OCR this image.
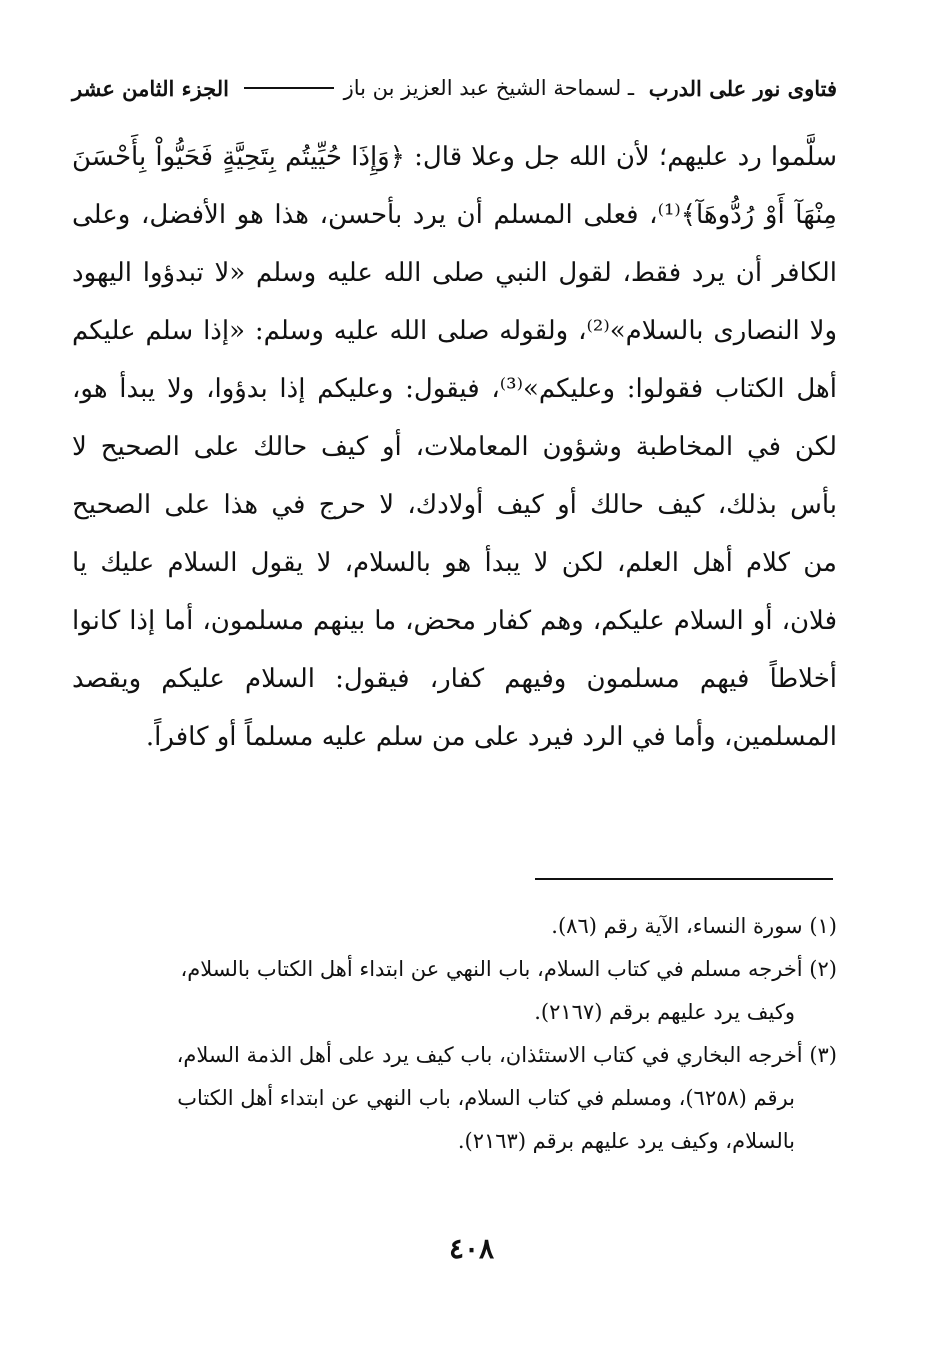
فتاوى نور على الدرب
ـ لسماحة الشيخ عبد العزيز بن باز
الجزء الثامن عشر
سلَّموا رد عليهم؛ لأن الله جل وعلا قال: ﴿وَإِذَا حُيِّيتُم بِتَحِيَّةٍ فَحَيُّواْ بِأَحْسَنَ
مِنْهَآ أَوْ رُدُّوهَآ﴾⁽¹⁾، فعلى المسلم أن يرد بأحسن، هذا هو الأفضل، وعلى
الكافر أن يرد فقط، لقول النبي صلى الله عليه وسلم «لا تبدؤوا اليهود
ولا النصارى بالسلام»⁽²⁾، ولقوله صلى الله عليه وسلم: «إذا سلم عليكم
أهل الكتاب فقولوا: وعليكم»⁽³⁾، فيقول: وعليكم إذا بدؤوا، ولا يبدأ هو،
لكن في المخاطبة وشؤون المعاملات، أو كيف حالك على الصحيح لا
بأس بذلك، كيف حالك أو كيف أولادك، لا حرج في هذا على الصحيح
من كلام أهل العلم، لكن لا يبدأ هو بالسلام، لا يقول السلام عليك يا
فلان، أو السلام عليكم، وهم كفار محض، ما بينهم مسلمون، أما إذا كانوا
أخلاطاً فيهم مسلمون وفيهم كفار، فيقول: السلام عليكم ويقصد
المسلمين، وأما في الرد فيرد على من سلم عليه مسلماً أو كافراً.
(١) سورة النساء، الآية رقم (٨٦).
(٢) أخرجه مسلم في كتاب السلام، باب النهي عن ابتداء أهل الكتاب بالسلام،
وكيف يرد عليهم برقم (٢١٦٧).
(٣) أخرجه البخاري في كتاب الاستئذان، باب كيف يرد على أهل الذمة السلام،
برقم (٦٢٥٨)، ومسلم في كتاب السلام، باب النهي عن ابتداء أهل الكتاب
بالسلام، وكيف يرد عليهم برقم (٢١٦٣).
٤٠٨
